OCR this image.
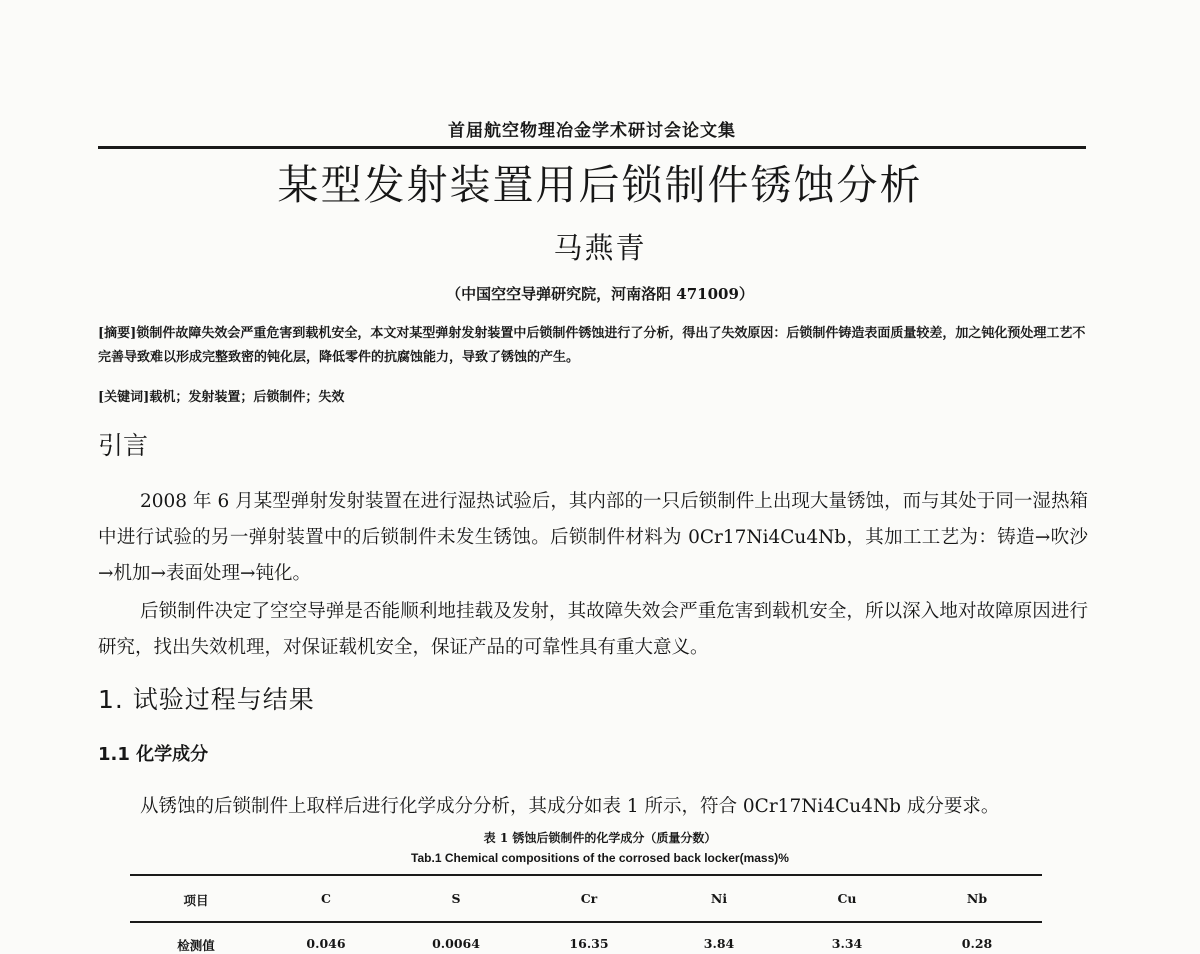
首届航空物理冶金学术研讨会论文集
某型发射装置用后锁制件锈蚀分析
马燕青
（中国空空导弹研究院，河南洛阳 471009）
[摘要]锁制件故障失效会严重危害到载机安全，本文对某型弹射发射装置中后锁制件锈蚀进行了分析，得出了失效原因：后锁制件铸造表面质量较差，加之钝化预处理工艺不完善导致难以形成完整致密的钝化层，降低零件的抗腐蚀能力，导致了锈蚀的产生。
[关键词]载机；发射装置；后锁制件；失效
引言
2008 年 6 月某型弹射发射装置在进行湿热试验后，其内部的一只后锁制件上出现大量锈蚀，而与其处于同一湿热箱中进行试验的另一弹射装置中的后锁制件未发生锈蚀。后锁制件材料为 0Cr17Ni4Cu4Nb，其加工工艺为：铸造→吹沙→机加→表面处理→钝化。
后锁制件决定了空空导弹是否能顺利地挂载及发射，其故障失效会严重危害到载机安全，所以深入地对故障原因进行研究，找出失效机理，对保证载机安全，保证产品的可靠性具有重大意义。
1. 试验过程与结果
1.1 化学成分
从锈蚀的后锁制件上取样后进行化学成分分析，其成分如表 1 所示，符合 0Cr17Ni4Cu4Nb 成分要求。
表 1 锈蚀后锁制件的化学成分（质量分数）
Tab.1 Chemical compositions of the corrosed back locker(mass)%
项目	C	S	Cr	Ni	Cu	Nb
检测值	0.046	0.0064	16.35	3.84	3.34	0.28
